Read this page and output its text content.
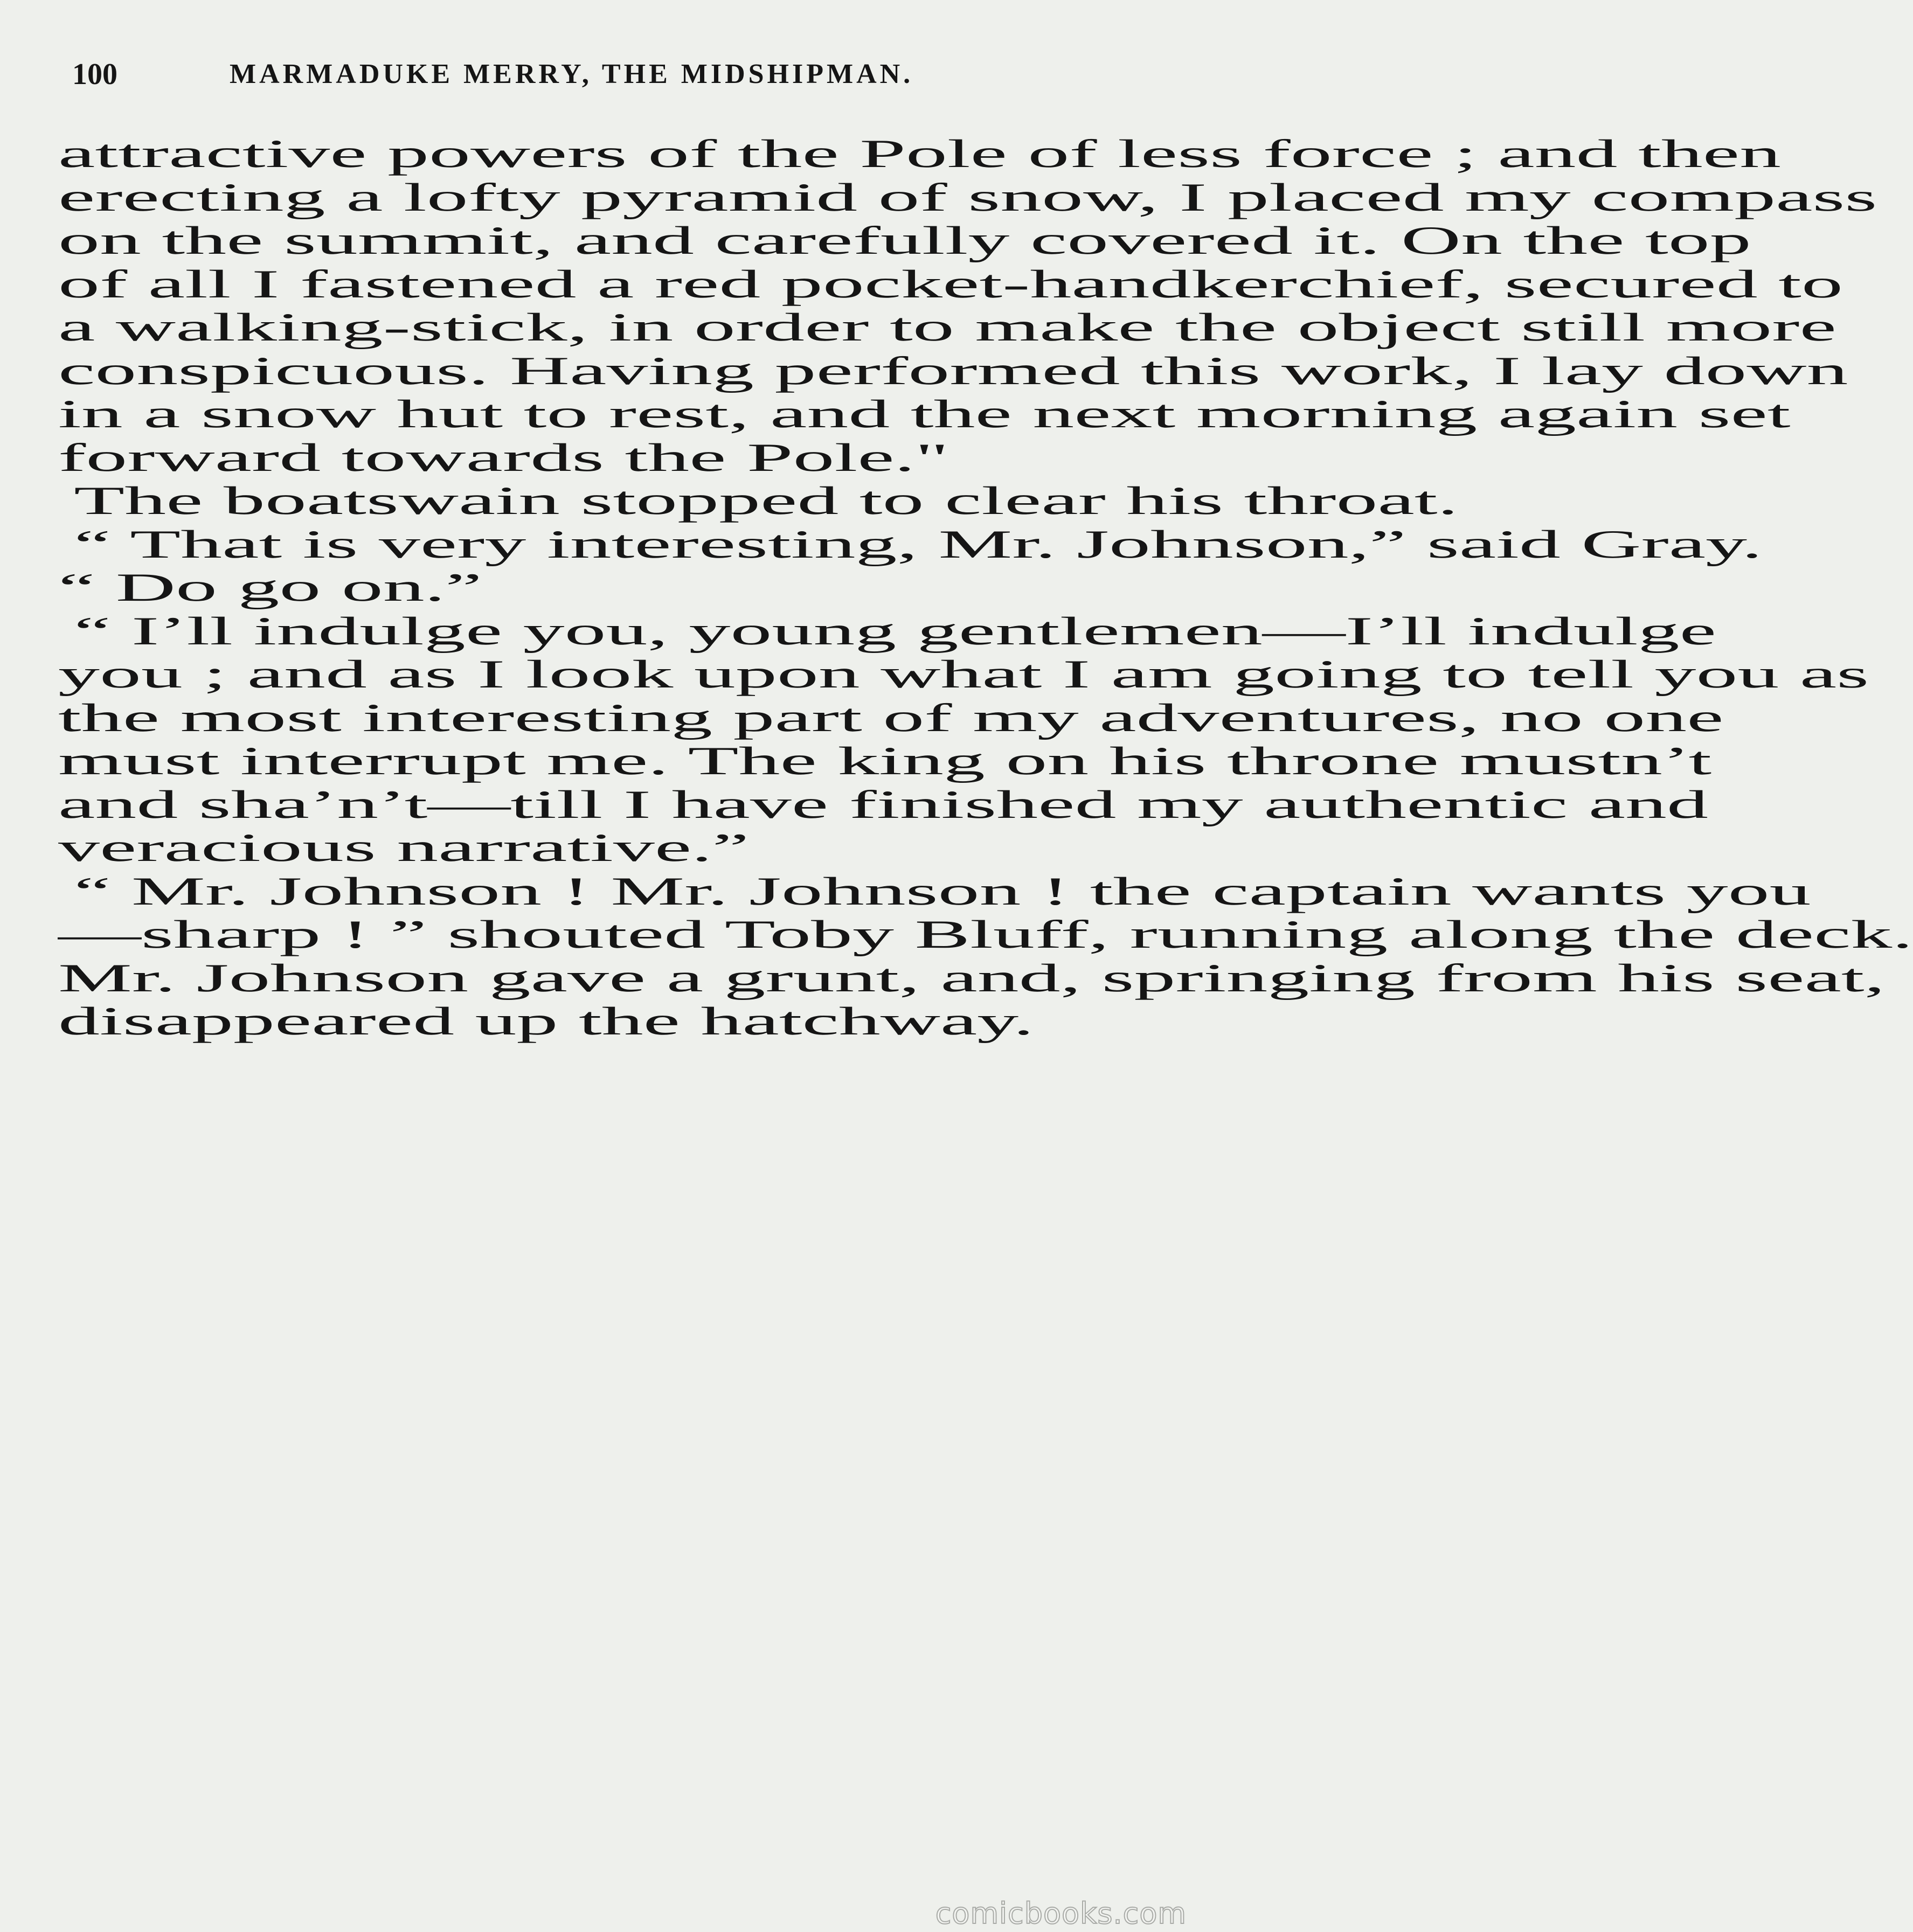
100	MARMADUKE MERRY, THE MIDSHIPMAN.
attractive powers of the Pole of less force ; and then
erecting a lofty pyramid of snow, I placed my compass
on the summit, and carefully covered it. On the top
of all I fastened a red pocket-handkerchief, secured to
a walking-stick, in order to make the object still more
conspicuous. Having performed this work, I lay down
in a snow hut to rest, and the next morning again set
forward towards the Pole."
The boatswain stopped to clear his throat.
“ That is very interesting, Mr. Johnson,” said Gray.
“ Do go on.”
“ I’ll indulge you, young gentlemen—I’ll indulge
you ; and as I look upon what I am going to tell you as
the most interesting part of my adventures, no one
must interrupt me. The king on his throne mustn’t
and sha’n’t—till I have finished my authentic and
veracious narrative.”
“ Mr. Johnson ! Mr. Johnson ! the captain wants you
—sharp ! ” shouted Toby Bluff, running along the deck.
Mr. Johnson gave a grunt, and, springing from his seat,
disappeared up the hatchway.
comicbooks.com
